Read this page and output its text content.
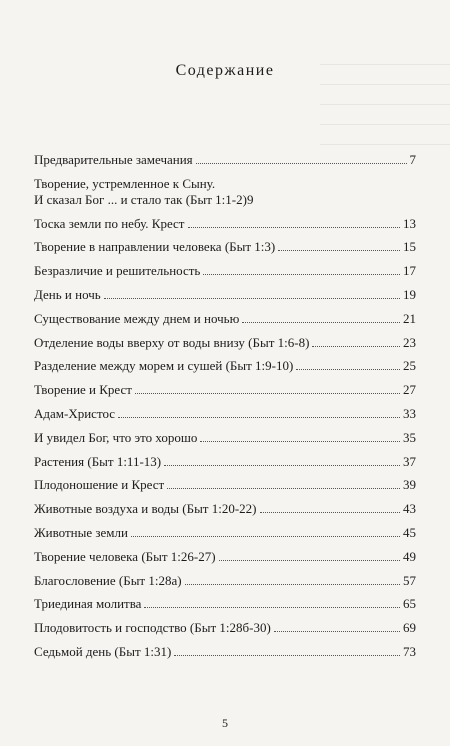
Содержание
Предварительные замечания	7
Творение, устремленное к Сыну.
И сказал Бог ... и стало так (Быт 1:1-2) 9
Тоска земли по небу. Крест	13
Творение в направлении человека (Быт 1:3)	15
Безразличие и решительность	17
День и ночь	19
Существование между днем и ночью	21
Отделение воды вверху от воды внизу (Быт 1:6-8)	23
Разделение между морем и сушей (Быт 1:9-10)	25
Творение и Крест	27
Адам-Христос	33
И увидел Бог, что это хорошо	35
Растения (Быт 1:11-13)	37
Плодоношение и Крест	39
Животные воздуха и воды (Быт 1:20-22)	43
Животные земли	45
Творение человека (Быт 1:26-27)	49
Благословение (Быт 1:28а)	57
Триединая молитва	65
Плодовитость и господство (Быт 1:28б-30)	69
Седьмой день (Быт 1:31)	73
5
